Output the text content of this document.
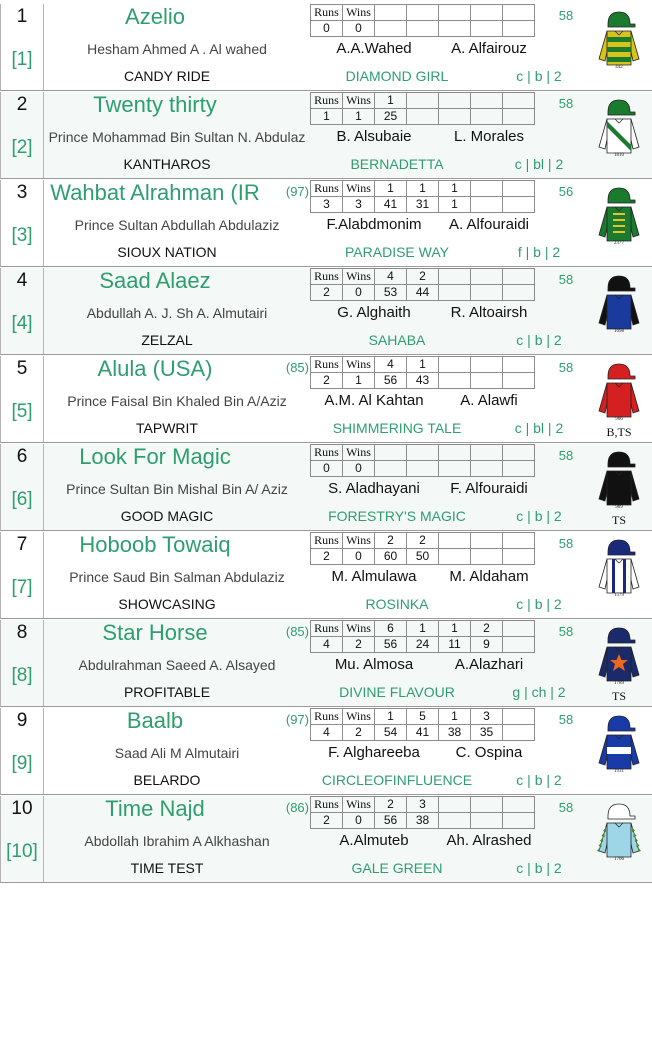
1
[1]
Azelio
Hesham Ahmed A . Al wahed
CANDY RIDE
A.A.Wahed	A. Alfairouz
DIAMOND GIRL	c | b | 2
58
Runs	Wins					
0	0					
442
2
[2]
Twenty thirty
Prince Mohammad Bin Sultan N. Abdulaz
KANTHAROS
B. Alsubaie	L. Morales
BERNADETTA	c | bl | 2
58
Runs	Wins	1				
1	1	25				
1810
3
[3]
Wahbat Alrahman (IR	(97)
Prince Sultan Abdullah Abdulaziz
SIOUX NATION
F.Alabdmonim	A. Alfouraidi
PARADISE WAY	f | b | 2
56
Runs	Wins	1	1	1		
3	3	41	31	1		
2377
4
[4]
Saad Alaez
Abdullah A. J. Sh A. Almutairi
ZELZAL
G. Alghaith	R. Altoairsh
SAHABA	c | b | 2
58
Runs	Wins	4	2			
2	0	53	44			
1698
5
[5]
Alula (USA)	(85)
Prince Faisal Bin Khaled Bin A/Aziz
TAPWRIT
A.M. Al Kahtan	A. Alawfi
SHIMMERING TALE	c | bl | 2
58
B,TS
Runs	Wins	4	1			
2	1	56	43			
966
6
[6]
Look For Magic
Prince Sultan Bin Mishal Bin A/ Aziz
GOOD MAGIC
S. Aladhayani	F. Alfouraidi
FORESTRY'S MAGIC	c | b | 2
58
TS
Runs	Wins					
0	0					
969
7
[7]
Hoboob Towaiq
Prince Saud Bin Salman Abdulaziz
SHOWCASING
M. Almulawa	M. Aldaham
ROSINKA	c | b | 2
58
Runs	Wins	2	2			
2	0	60	50			
1579
8
[8]
Star Horse	(85)
Abdulrahman Saeed A. Alsayed
PROFITABLE
Mu. Almosa	A.Alazhari
DIVINE FLAVOUR	g | ch | 2
58
TS
Runs	Wins	6	1	1	2	
4	2	56	24	11	9	
1789
9
[9]
Baalb	(97)
Saad Ali M Almutairi
BELARDO
F. Alghareeba	C. Ospina
CIRCLEOFINFLUENCE	c | b | 2
58
Runs	Wins	1	5	1	3	
4	2	54	41	38	35	
1931
10
[10]
Time Najd	(86)
Abdollah Ibrahim A Alkhashan
TIME TEST
A.Almuteb	Ah. Alrashed
GALE GREEN	c | b | 2
58
Runs	Wins	2	3			
2	0	56	38			
1766
